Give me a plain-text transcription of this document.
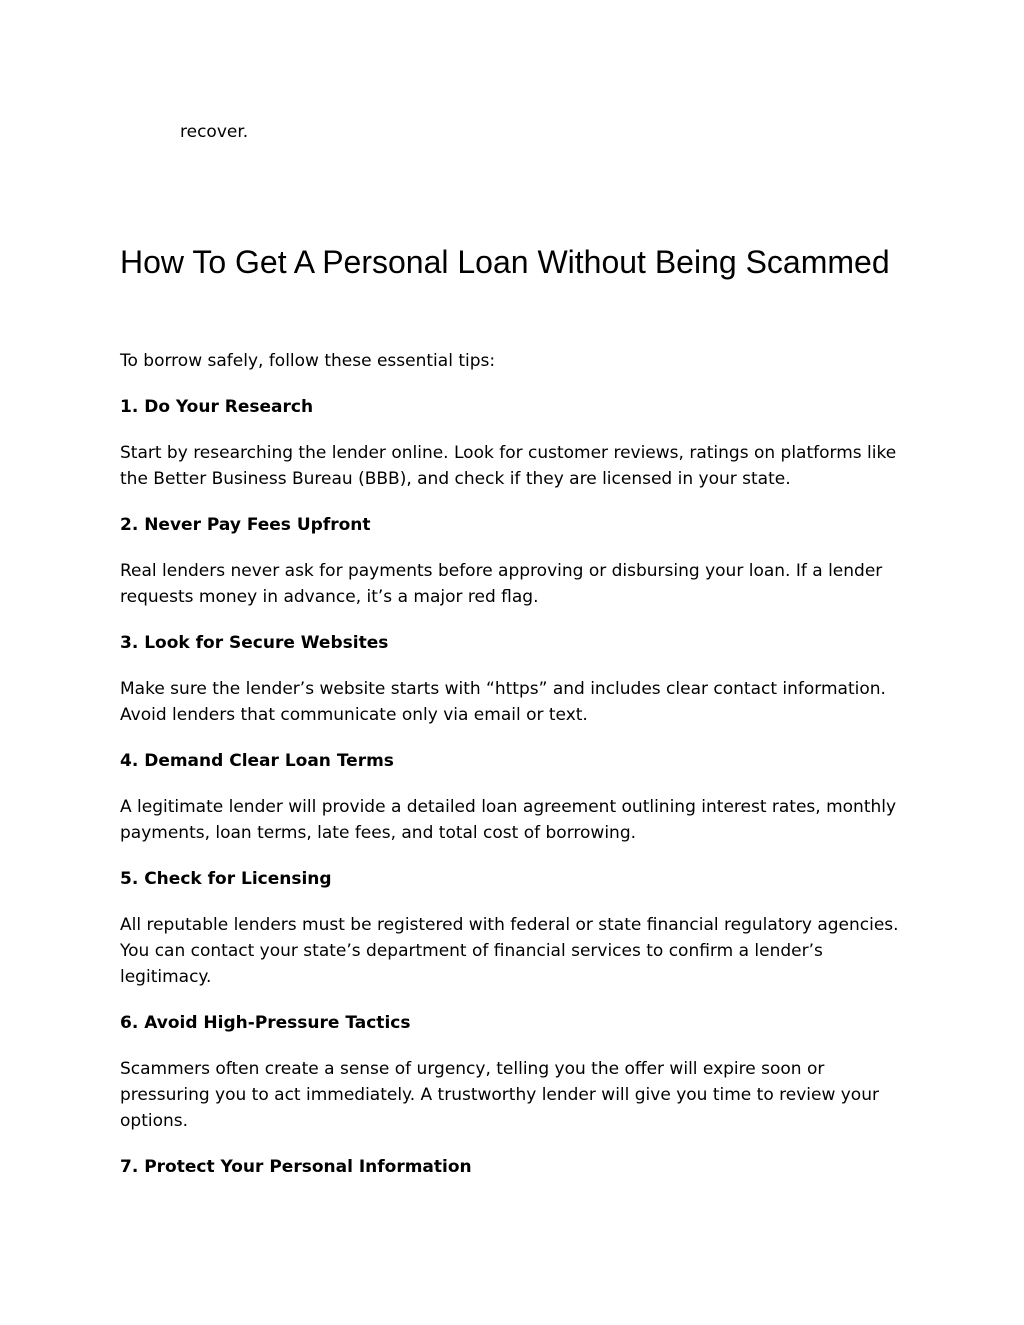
recover.

How To Get A Personal Loan Without Being Scammed

To borrow safely, follow these essential tips:

1. Do Your Research

Start by researching the lender online. Look for customer reviews, ratings on platforms like the Better Business Bureau (BBB), and check if they are licensed in your state.

2. Never Pay Fees Upfront

Real lenders never ask for payments before approving or disbursing your loan. If a lender requests money in advance, it’s a major red flag.

3. Look for Secure Websites

Make sure the lender’s website starts with “https” and includes clear contact information. Avoid lenders that communicate only via email or text.

4. Demand Clear Loan Terms

A legitimate lender will provide a detailed loan agreement outlining interest rates, monthly payments, loan terms, late fees, and total cost of borrowing.

5. Check for Licensing

All reputable lenders must be registered with federal or state financial regulatory agencies. You can contact your state’s department of financial services to confirm a lender’s legitimacy.

6. Avoid High-Pressure Tactics

Scammers often create a sense of urgency, telling you the offer will expire soon or pressuring you to act immediately. A trustworthy lender will give you time to review your options.

7. Protect Your Personal Information
